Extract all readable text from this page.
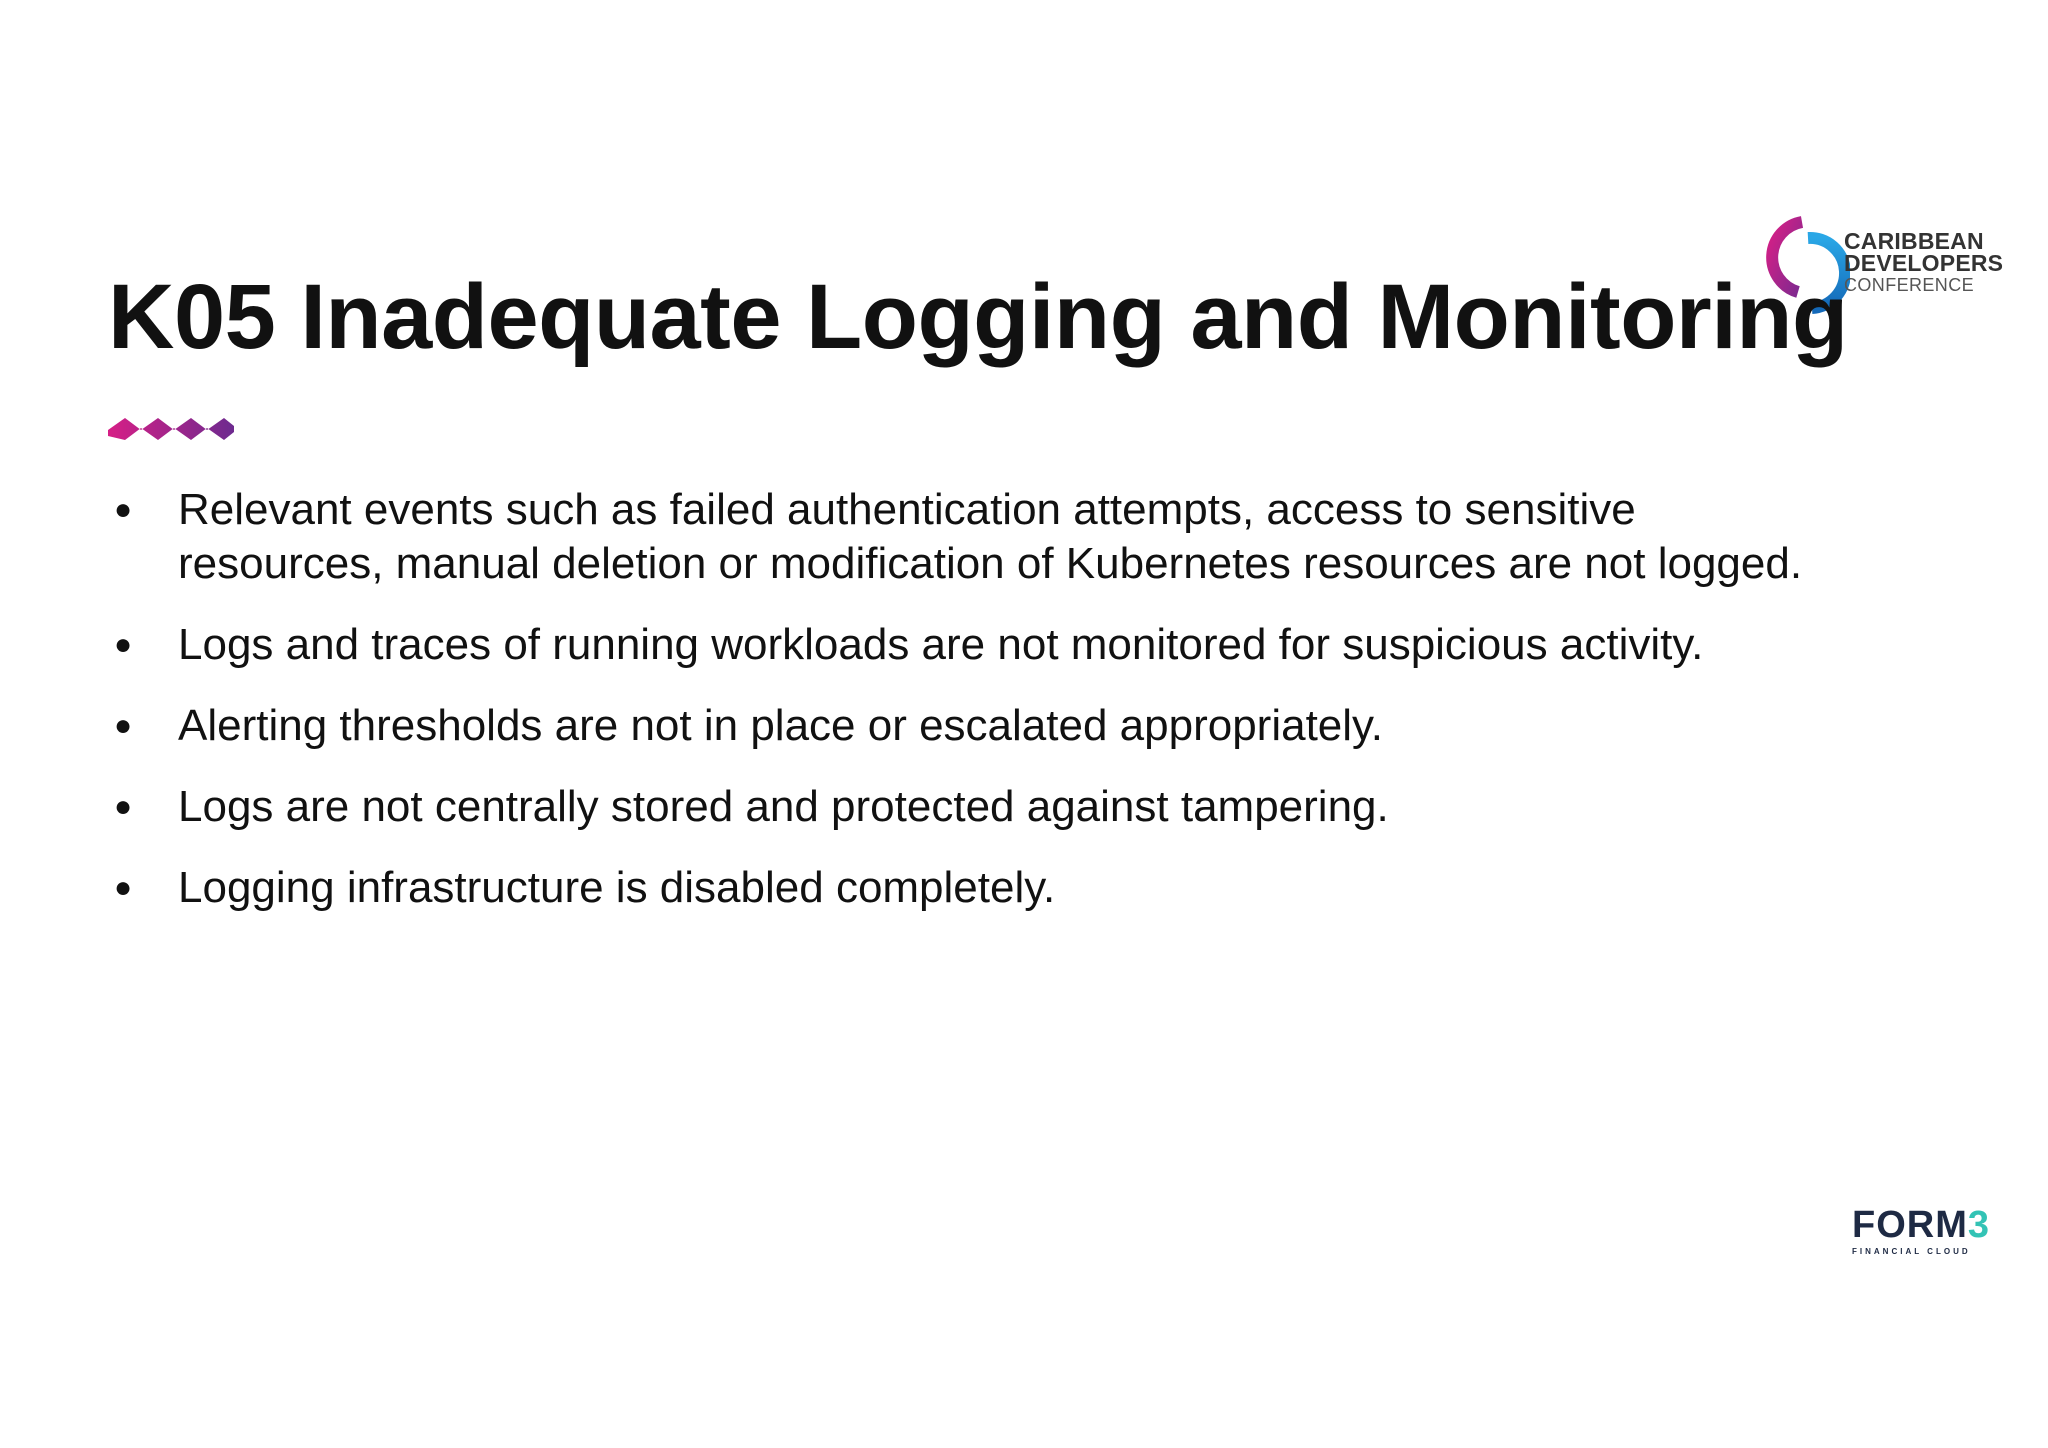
CARIBBEAN
DEVELOPERS
CONFERENCE
K05 Inadequate Logging and Monitoring
● Relevant events such as failed authentication attempts, access to sensitive resources, manual deletion or modification of Kubernetes resources are not logged.
● Logs and traces of running workloads are not monitored for suspicious activity.
● Alerting thresholds are not in place or escalated appropriately.
● Logs are not centrally stored and protected against tampering.
● Logging infrastructure is disabled completely.
FORM3
FINANCIAL CLOUD
